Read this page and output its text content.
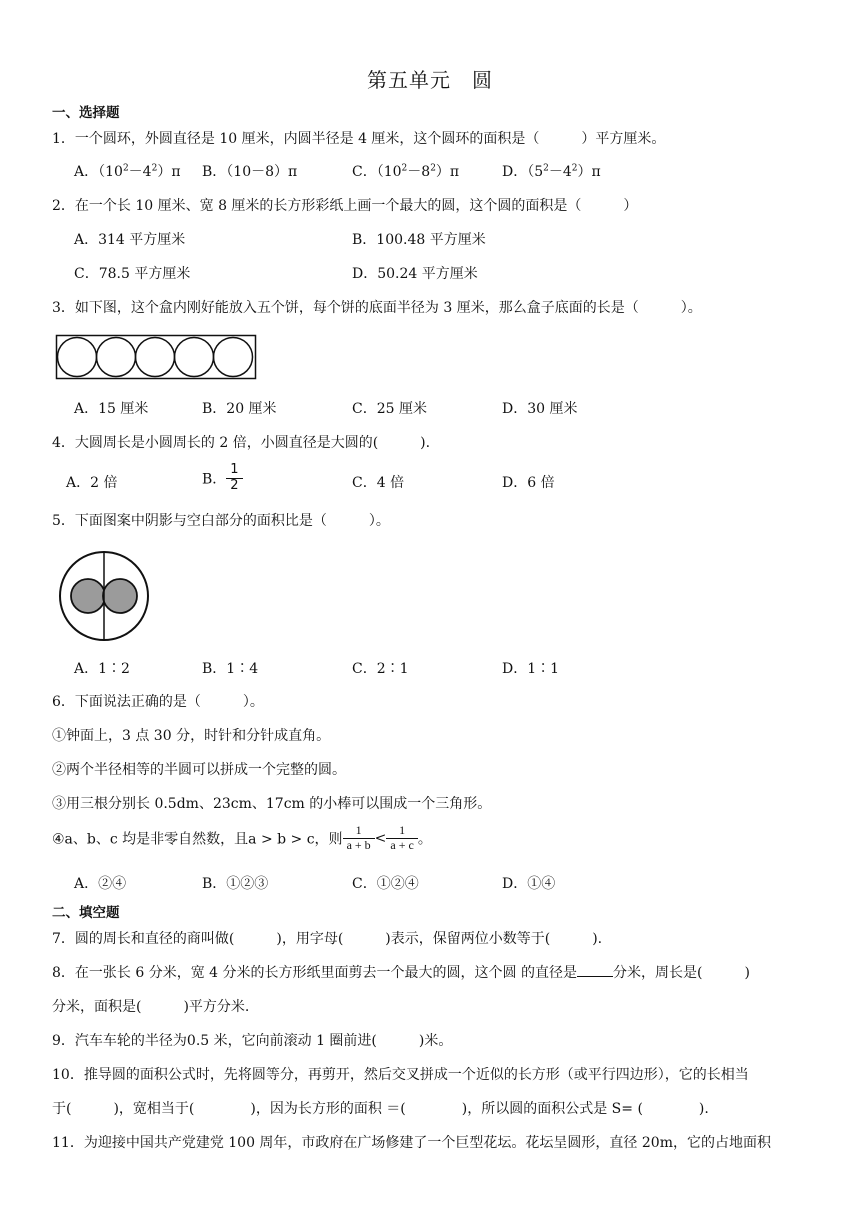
第五单元　圆
一、选择题
1．一个圆环，外圆直径是 10 厘米，内圆半径是 4 厘米，这个圆环的面积是（　　　）平方厘米。
A．$(10^2-4^2)\pi$ B．（10－8）π	C．$(10^2-8^2)\pi$	D．$(5^2-4^2)\pi$
2．在一个长 10 厘米、宽 8 厘米的长方形彩纸上画一个最大的圆，这个圆的面积是（　　　）
A．314 平方厘米	B．100.48 平方厘米
C．78.5 平方厘米	D．50.24 平方厘米
3．如下图，这个盒内刚好能放入五个饼，每个饼的底面半径为 3 厘米，那么盒子底面的长是（　　　）。
A．15 厘米	B．20 厘米	C．25 厘米	D．30 厘米
4．大圆周长是小圆周长的 2 倍，小圆直径是大圆的(　　　).
A．2 倍	B． $\frac{1}{2}$	C．4 倍	D．6 倍
5．下面图案中阴影与空白部分的面积比是（　　　）。
A．1∶2	B．1∶4	C．2∶1	D．1∶1
6．下面说法正确的是（　　　）。
①钟面上，3 点 30 分，时针和分针成直角。
②两个半径相等的半圆可以拼成一个完整的圆。
③用三根分别长 0.5dm、23cm、17cm 的小棒可以围成一个三角形。
④a、b、c 均是非零自然数，且a > b > c，则 $\frac{1}{a + b} < \frac{1}{a + c}$ 。
A．②④	B．①②③	C．①②④	D．①④
二、填空题
7．圆的周长和直径的商叫做(　　　)，用字母(　　　)表示，保留两位小数等于(　　　).
8．在一张长 6 分米，宽 4 分米的长方形纸里面剪去一个最大的圆，这个圆 的直径是	分米，周长是(　　　)
分米，面积是(　　　)平方分米.
9．汽车车轮的半径为0.5 米，它向前滚动 1 圈前进(　　　)米。
10．推导圆的面积公式时，先将圆等分，再剪开，然后交叉拼成一个近似的长方形（或平行四边形），它的长相当
于(　　　)，宽相当于(　　　　)，因为长方形的面积 ＝(　　　　)，所以圆的面积公式是 S= (　　　　).
11．为迎接中国共产党建党 100 周年，市政府在广场修建了一个巨型花坛。花坛呈圆形，直径 20m，它的占地面积
